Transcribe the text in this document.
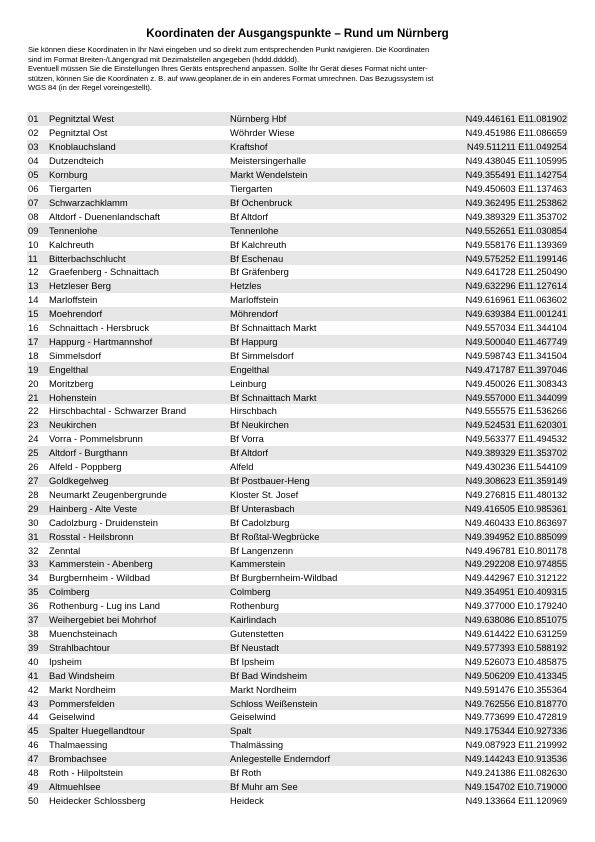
Koordinaten der Ausgangspunkte – Rund um Nürnberg

Sie können diese Koordinaten in Ihr Navi eingeben und so direkt zum entsprechenden Punkt navigieren. Die Koordinaten
sind im Format Breiten-/Längengrad mit Dezimalstellen angegeben (hddd.ddddd).

Eventuell müssen Sie die Einstellungen Ihres Geräts entsprechend anpassen. Sollte Ihr Gerät dieses Format nicht unter-
stützen, können Sie die Koordinaten z. B. auf www.geoplaner.de in ein anderes Format umrechnen. Das Bezugssystem ist
WGS 84 (in der Regel voreingestellt).

01	Pegnitztal West	Nürnberg Hbf	N49.446161 E11.081902
02	Pegnitztal Ost	Wöhrder Wiese	N49.451986 E11.086659
03	Knoblauchsland	Kraftshof	N49.511211 E11.049254
04	Dutzendteich	Meistersingerhalle	N49.438045 E11.105995
05	Kornburg	Markt Wendelstein	N49.355491 E11.142754
06	Tiergarten	Tiergarten	N49.450603 E11.137463
07	Schwarzachklamm	Bf Ochenbruck	N49.362495 E11.253862
08	Altdorf - Duenenlandschaft	Bf Altdorf	N49.389329 E11.353702
09	Tennenlohe	Tennenlohe	N49.552651 E11.030854
10	Kalchreuth	Bf Kalchreuth	N49.558176 E11.139369
11	Bitterbachschlucht	Bf Eschenau	N49.575252 E11.199146
12	Graefenberg - Schnaittach	Bf Gräfenberg	N49.641728 E11.250490
13	Hetzleser Berg	Hetzles	N49.632296 E11.127614
14	Marloffstein	Marloffstein	N49.616961 E11.063602
15	Moehrendorf	Möhrendorf	N49.639384 E11.001241
16	Schnaittach - Hersbruck	Bf Schnaittach Markt	N49.557034 E11.344104
17	Happurg - Hartmannshof	Bf Happurg	N49.500040 E11.467749
18	Simmelsdorf	Bf Simmelsdorf	N49.598743 E11.341504
19	Engelthal	Engelthal	N49.471787 E11.397046
20	Moritzberg	Leinburg	N49.450026 E11.308343
21	Hohenstein	Bf Schnaittach Markt	N49.557000 E11.344099
22	Hirschbachtal - Schwarzer Brand	Hirschbach	N49.555575 E11.536266
23	Neukirchen	Bf Neukirchen	N49.524531 E11.620301
24	Vorra - Pommelsbrunn	Bf Vorra	N49.563377 E11.494532
25	Altdorf - Burgthann	Bf Altdorf	N49.389329 E11.353702
26	Alfeld - Poppberg	Alfeld	N49.430236 E11.544109
27	Goldkegelweg	Bf Postbauer-Heng	N49.308623 E11.359149
28	Neumarkt Zeugenbergrunde	Kloster St. Josef	N49.276815 E11.480132
29	Hainberg - Alte Veste	Bf Unterasbach	N49.416505 E10.985361
30	Cadolzburg - Druidenstein	Bf Cadolzburg	N49.460433 E10.863697
31	Rosstal - Heilsbronn	Bf Roßtal-Wegbrücke	N49.394952 E10.885099
32	Zenntal	Bf Langenzenn	N49.496781 E10.801178
33	Kammerstein - Abenberg	Kammerstein	N49.292208 E10.974855
34	Burgbernheim - Wildbad	Bf Burgbernheim-Wildbad	N49.442967 E10.312122
35	Colmberg	Colmberg	N49.354951 E10.409315
36	Rothenburg - Lug ins Land	Rothenburg	N49.377000 E10.179240
37	Weihergebiet bei Mohrhof	Kairlindach	N49.638086 E10.851075
38	Muenchsteinach	Gutenstetten	N49.614422 E10.631259
39	Strahlbachtour	Bf Neustadt	N49.577393 E10.588192
40	Ipsheim	Bf Ipsheim	N49.526073 E10.485875
41	Bad Windsheim	Bf Bad Windsheim	N49.506209 E10.413345
42	Markt Nordheim	Markt Nordheim	N49.591476 E10.355364
43	Pommersfelden	Schloss Weißenstein	N49.762556 E10.818770
44	Geiselwind	Geiselwind	N49.773699 E10.472819
45	Spalter Huegellandtour	Spalt	N49.175344 E10.927336
46	Thalmaessing	Thalmässing	N49.087923 E11.219992
47	Brombachsee	Anlegestelle Enderndorf	N49.144243 E10.913536
48	Roth - Hilpoltstein	Bf Roth	N49.241386 E11.082630
49	Altmuehlsee	Bf Muhr am See	N49.154702 E10.719000
50	Heidecker Schlossberg	Heideck	N49.133664 E11.120969
